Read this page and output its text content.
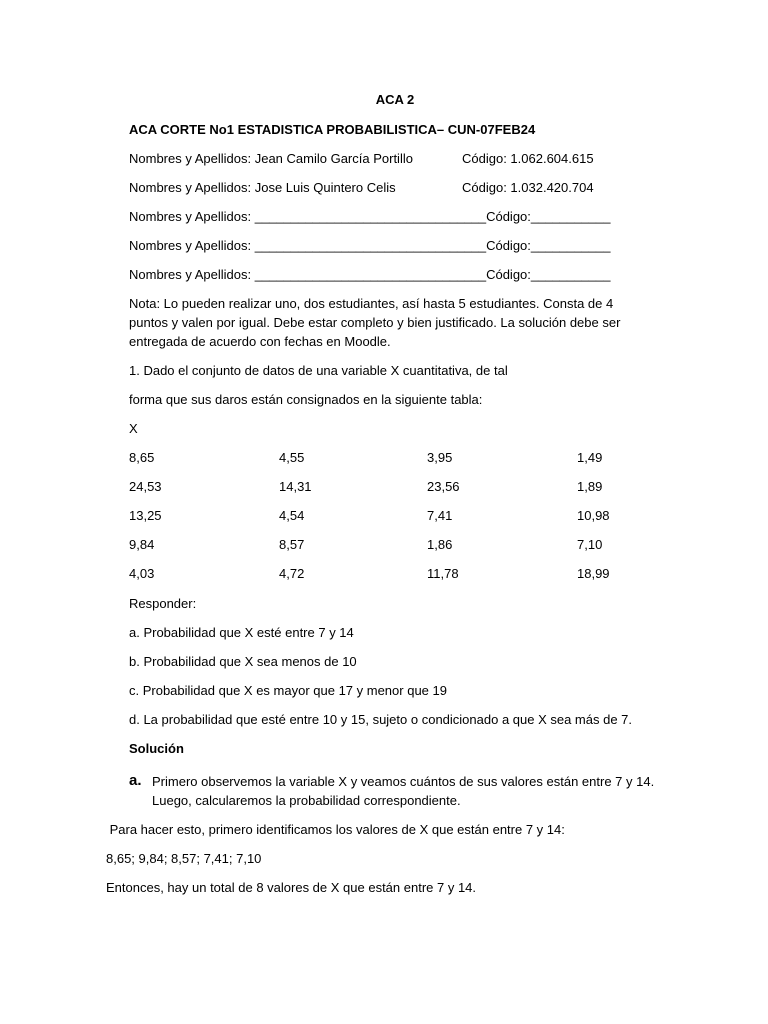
ACA 2
ACA CORTE No1 ESTADISTICA PROBABILISTICA– CUN-07FEB24
Nombres y Apellidos: Jean Camilo García Portillo	Código: 1.062.604.615
Nombres y Apellidos: Jose Luis Quintero Celis	Código: 1.032.420.704
Nombres y Apellidos: ________________________________Código:___________
Nombres y Apellidos: ________________________________Código:___________
Nombres y Apellidos: ________________________________Código:___________
Nota: Lo pueden realizar uno, dos estudiantes, así hasta 5 estudiantes. Consta de 4 puntos y valen por igual. Debe estar completo y bien justificado. La solución debe ser entregada de acuerdo con fechas en Moodle.
1. Dado el conjunto de datos de una variable X cuantitativa, de tal
forma que sus daros están consignados en la siguiente tabla:
X
8,65	4,55	3,95	1,49
24,53	14,31	23,56	1,89
13,25	4,54	7,41	10,98
9,84	8,57	1,86	7,10
4,03	4,72	11,78	18,99
Responder:
a. Probabilidad que X esté entre 7 y 14
b. Probabilidad que X sea menos de 10
c. Probabilidad que X es mayor que 17 y menor que 19
d. La probabilidad que esté entre 10 y 15, sujeto o condicionado a que X sea más de 7.
Solución
a. Primero observemos la variable X y veamos cuántos de sus valores están entre 7 y 14.
Luego, calcularemos la probabilidad correspondiente.
Para hacer esto, primero identificamos los valores de X que están entre 7 y 14:
8,65; 9,84; 8,57; 7,41; 7,10
Entonces, hay un total de 8 valores de X que están entre 7 y 14.
